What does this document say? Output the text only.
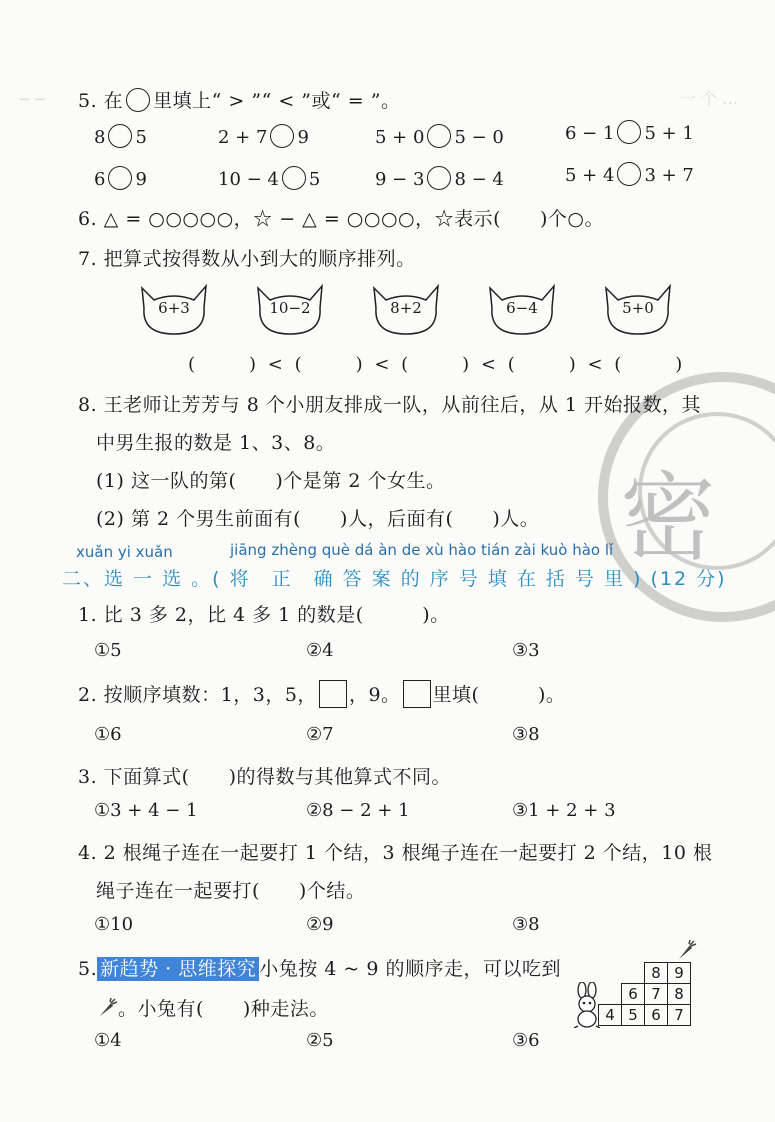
─ ─	一 个 …
密
5. 在 里填上“ > ”“ < ”或“ = ”。
8 5	2 + 7 9	5 + 0 5 − 0	6 − 1 5 + 1
6 9	10 − 4 5	9 − 3 8 − 4	5 + 4 3 + 7
6. △ = ○○○○○，☆ − △ = ○○○○，☆表示(　　)个○。
7. 把算式按得数从小到大的顺序排列。
6+3	10−2	8+2	6−4	5+0
(　　　) < (　　　) < (　　　) < (　　　) < (　　　)
8. 王老师让芳芳与 8 个小朋友排成一队，从前往后，从 1 开始报数，其
中男生报的数是 1、3、8。
(1) 这一队的第(　　)个是第 2 个女生。
(2) 第 2 个男生前面有(　　)人，后面有(　　)人。
xuǎn yi xuǎn	jiāng zhèng què dá àn de xù hào tián zài kuò hào lǐ
二、选 一 选 。( 将　正　确 答 案 的 序 号 填 在 括 号 里 ) (12 分)
1. 比 3 多 2，比 4 多 1 的数是(　　　)。
①5	②4	③3
2. 按顺序填数：1，3，5， ，9。 里填(　　　)。
①6	②7	③8
3. 下面算式(　　)的得数与其他算式不同。
①3 + 4 − 1	②8 − 2 + 1	③1 + 2 + 3
4. 2 根绳子连在一起要打 1 个结，3 根绳子连在一起要打 2 个结，10 根
绳子连在一起要打(　　)个结。
①10	②9	③8
5. 新趋势 · 思维探究 小兔按 4 ~ 9 的顺序走，可以吃到
。小兔有(　　)种走法。
①4	②5	③6
		8	9
	6	7	8
4	5	6	7
